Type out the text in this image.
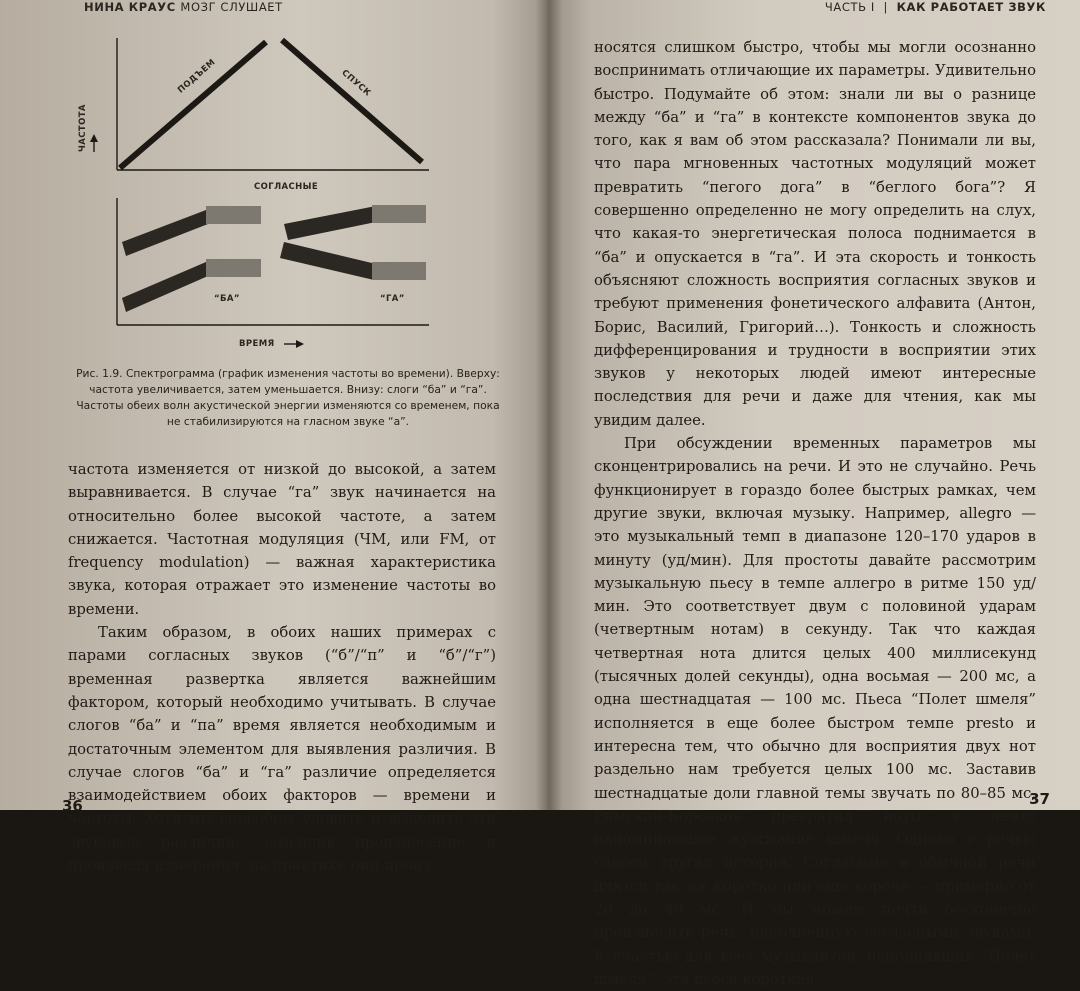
НИНА КРАУС МОЗГ СЛУШАЕТ
ЧАСТОТА
ПОДЪЕМ	СПУСК
СОГЛАСНЫЕ
“БА”	“ГА”
ВРЕМЯ
Рис. 1.9. Спектрограмма (график изменения частоты во времени). Вверху: частота увеличивается, затем уменьшается. Внизу: слоги “ба” и “га”. Частоты обеих волн акустической энергии изменяются со временем, пока не стабилизируются на гласном звуке “а”.

частота изменяется от низкой до высокой, а затем выравнивается. В случае “га” звук начинается на относительно более высокой частоте, а затем снижается. Частотная модуляция (ЧМ, или FM, от frequency modulation) — важная характеристика звука, которая отражает это изменение частоты во времени.

Таким образом, в обоих наших примерах с парами согласных звуков (“б”/“п” и “б”/“г”) временная развертка является важнейшим фактором, который необходимо учитывать. В случае слогов “ба” и “па” время является необходимым и достаточным элементом для выявления различия. В случае слогов “ба” и “га” различие определяется взаимодействием обоих факторов — времени и частоты. Хотя мы способны уловить и выделить эти звуковые различия, замедлив произнесение и произведя измерения, на практике они произ-

36
ЧАСТЬ I | КАК РАБОТАЕТ ЗВУК

носятся слишком быстро, чтобы мы могли осознанно воспринимать отличающие их параметры. Удивительно быстро. Подумайте об этом: знали ли вы о разнице между “ба” и “га” в контексте компонентов звука до того, как я вам об этом рассказала? Понимали ли вы, что пара мгновенных частотных модуляций может превратить “пегого дога” в “беглого бога”? Я совершенно определенно не могу определить на слух, что какая-то энергетическая полоса поднимается в “ба” и опускается в “га”. И эта скорость и тонкость объясняют сложность восприятия согласных звуков и требуют применения фонетического алфавита (Антон, Борис, Василий, Григорий…). Тонкость и сложность дифференцирования и трудности в восприятии этих звуков у некоторых людей имеют интересные последствия для речи и даже для чтения, как мы увидим далее.

При обсуждении временных параметров мы сконцентрировались на речи. И это не случайно. Речь функционирует в гораздо более быстрых рамках, чем другие звуки, включая музыку. Например, allegro — это музыкальный темп в диапазоне 120–170 ударов в минуту (уд/мин). Для простоты давайте рассмотрим музыкальную пьесу в темпе аллегро в ритме 150 уд/мин. Это соответствует двум с половиной ударам (четвертным нотам) в секунду. Так что каждая четвертная нота длится целых 400 миллисекунд (тысячных долей секунды), одна восьмая — 200 мс, а одна шестнадцатая — 100 мс. Пьеса “Полет шмеля” исполняется в еще более быстром темпе presto и интересна тем, что обычно для восприятия двух нот раздельно нам требуется целых 100 мс. Заставив шестнадцатые доли главной темы звучать по 80–85 мс, Римский-Корсаков превратил ноты в нечто напоминающее жужжание шмеля. Однако с речью совсем другая история. Согласные в обычной речи длятся так же коротко или еще короче — примерно от 20 до 40 мс. И мы можем почти бесконечно произносить речь, наполненную согласными звуками. К счастью для всех музыкантов, исполнявших “Полет шмеля”, эта пьеса короткая.

37
